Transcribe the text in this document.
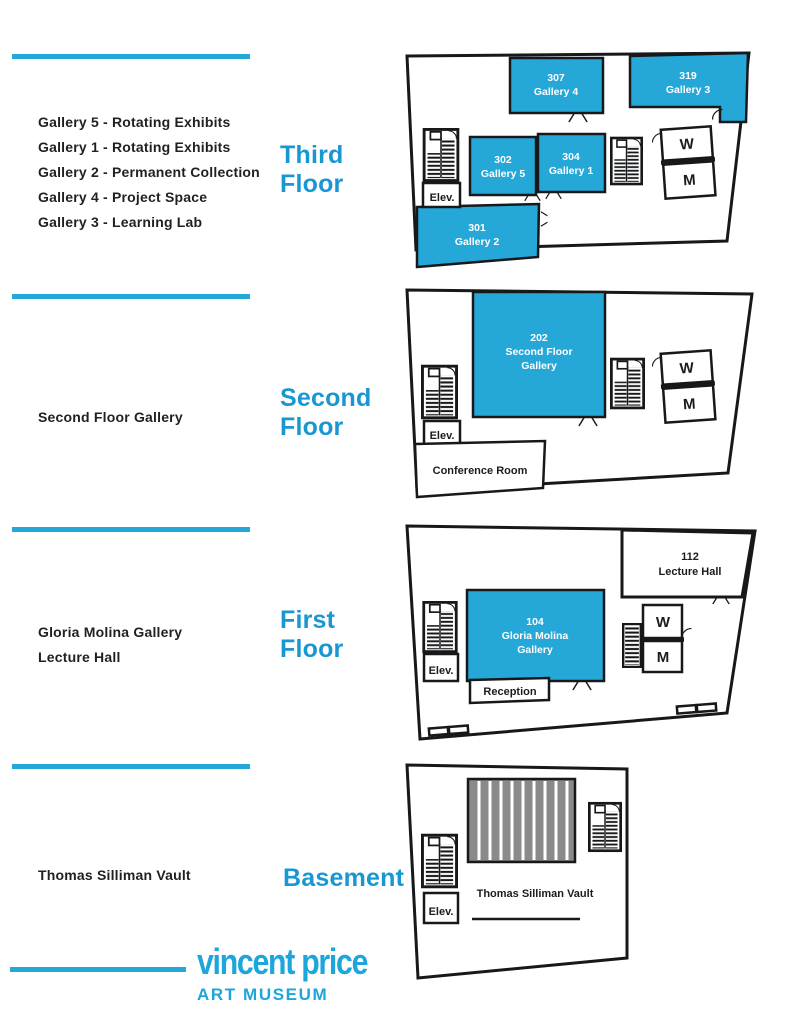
Gallery 5 - Rotating Exhibits
Gallery 1 - Rotating Exhibits
Gallery 2 - Permanent Collection
Gallery 4 - Project Space
Gallery 3 - Learning Lab
Second Floor Gallery
Gloria Molina Gallery
Lecture Hall
Thomas Silliman Vault
Third
Floor
Second
Floor
First
Floor
Basement
vincent price
ART MUSEUM
307
Gallery 4
319
Gallery 3
302
Gallery 5
304
Gallery 1
301
Gallery 2
Elev.
W
M
202
Second Floor
Gallery
Elev.
W
M
Conference Room
112
Lecture Hall
104
Gloria Molina
Gallery
Elev.
Reception
W
M
Elev.
Thomas Silliman Vault
